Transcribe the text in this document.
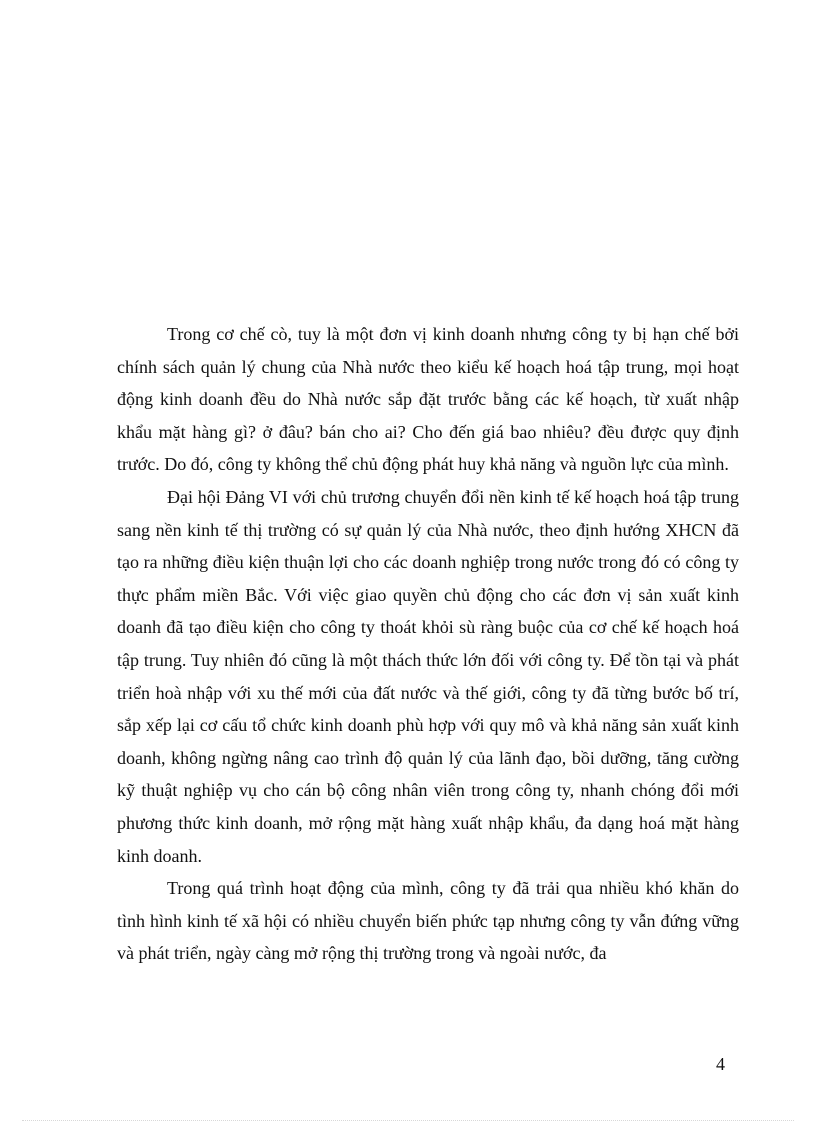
Trong cơ chế cò, tuy là một đơn vị kinh doanh nhưng công ty bị hạn chế bởi chính sách quản lý chung của Nhà nước theo kiểu kế hoạch hoá tập trung, mọi hoạt động kinh doanh đều do Nhà nước sắp đặt trước bằng các kế hoạch, từ xuất nhập khẩu mặt hàng gì? ở đâu? bán cho ai? Cho đến giá bao nhiêu? đều được quy định trước. Do đó, công ty không thể chủ động phát huy khả năng và nguồn lực của mình.

Đại hội Đảng VI với chủ trương chuyển đổi nền kinh tế kế hoạch hoá tập trung sang nền kinh tế thị trường có sự quản lý của Nhà nước, theo định hướng XHCN đã tạo ra những điều kiện thuận lợi cho các doanh nghiệp trong nước trong đó có công ty thực phẩm miền Bắc. Với việc giao quyền chủ động cho các đơn vị sản xuất kinh doanh đã tạo điều kiện cho công ty thoát khỏi sù ràng buộc của cơ chế kế hoạch hoá tập trung. Tuy nhiên đó cũng là một thách thức lớn đối với công ty. Để tồn tại và phát triển hoà nhập với xu thế mới của đất nước và thế giới, công ty đã từng bước bố trí, sắp xếp lại cơ cấu tổ chức kinh doanh phù hợp với quy mô và khả năng sản xuất kinh doanh, không ngừng nâng cao trình độ quản lý của lãnh đạo, bồi dưỡng, tăng cường kỹ thuật nghiệp vụ cho cán bộ công nhân viên trong công ty, nhanh chóng đổi mới phương thức kinh doanh, mở rộng mặt hàng xuất nhập khẩu, đa dạng hoá mặt hàng kinh doanh.

Trong quá trình hoạt động của mình, công ty đã trải qua nhiều khó khăn do tình hình kinh tế xã hội có nhiều chuyển biến phức tạp nhưng công ty vẫn đứng vững và phát triển, ngày càng mở rộng thị trường trong và ngoài nước, đa

4
